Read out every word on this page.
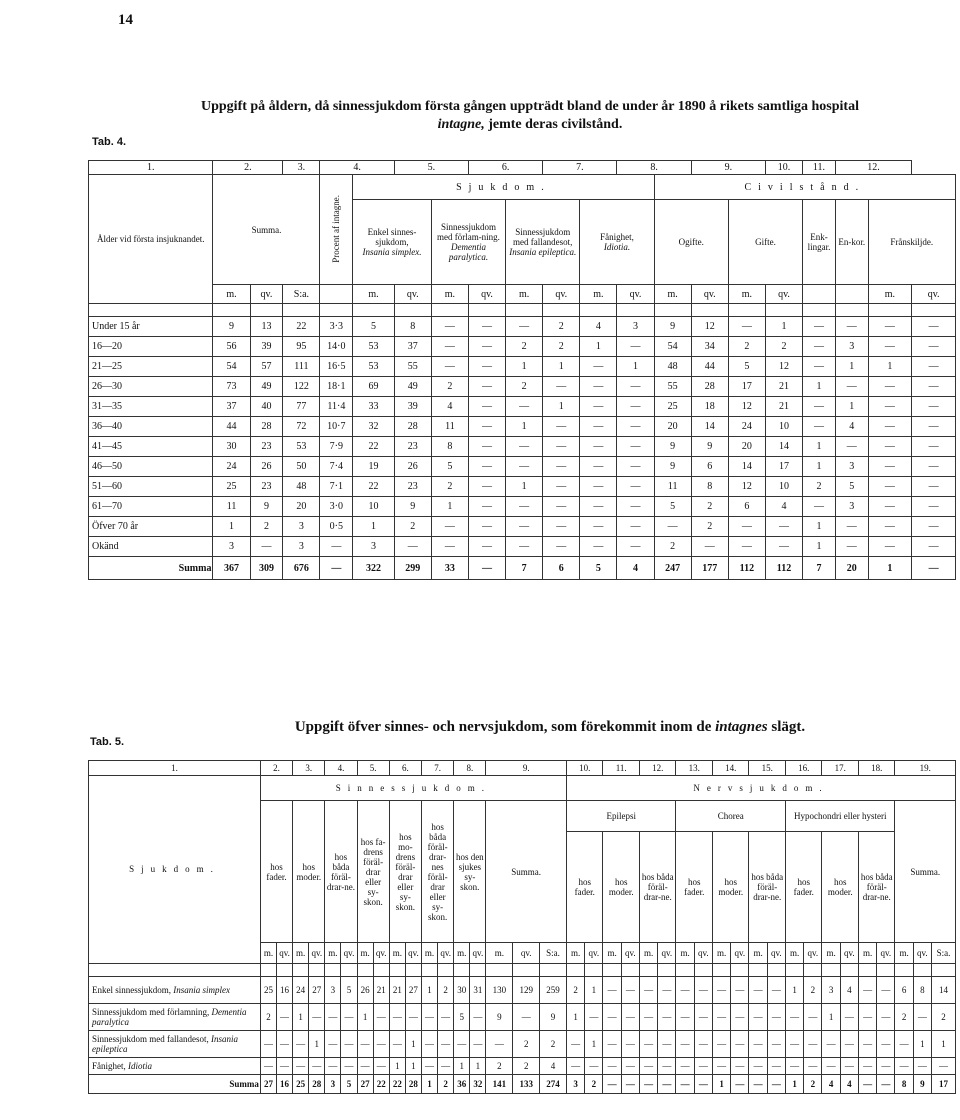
14
Uppgift på åldern, då sinnessjukdom första gången uppträdt bland de under år 1890 å rikets samtliga hospital
intagne, jemte deras civilstånd.
Tab. 4.
1.	2.		3.	4.		5.		6.		7.		8.		9.		10.	11.	12.		
Ålder vid första insjuknandet.	Summa.			Procent af intagne.	Sjukdom.								Civilstånd.							
					Enkel sinnes-sjukdom,
Insania simplex.		Sinnessjukdom med förlam-ning.
Dementia paralytica.		Sinnessjukdom med fallandesot,
Insania epileptica.		Fånighet,
Idiotia.		Ogifte.		Gifte.		Enk-lingar.	En-kor.	Frånskiljde.	
	m.	qv.	S:a.		m.	qv.	m.	qv.	m.	qv.	m.	qv.	m.	qv.	m.	qv.			m.	qv.

Under 15 år	9	13	22	3·3	5	8	—	—	—	2	4	3	9	12	—	1	—	—	—	—
16—20	56	39	95	14·0	53	37	—	—	2	2	1	—	54	34	2	2	—	3	—	—
21—25	54	57	111	16·5	53	55	—	—	1	1	—	1	48	44	5	12	—	1	1	—
26—30	73	49	122	18·1	69	49	2	—	2	—	—	—	55	28	17	21	1	—	—	—
31—35	37	40	77	11·4	33	39	4	—	—	1	—	—	25	18	12	21	—	1	—	—
36—40	44	28	72	10·7	32	28	11	—	1	—	—	—	20	14	24	10	—	4	—	—
41—45	30	23	53	7·9	22	23	8	—	—	—	—	—	9	9	20	14	1	—	—	—
46—50	24	26	50	7·4	19	26	5	—	—	—	—	—	9	6	14	17	1	3	—	—
51—60	25	23	48	7·1	22	23	2	—	1	—	—	—	11	8	12	10	2	5	—	—
61—70	11	9	20	3·0	10	9	1	—	—	—	—	—	5	2	6	4	—	3	—	—
Öfver 70 år	1	2	3	0·5	1	2	—	—	—	—	—	—	—	2	—	—	1	—	—	—
Okänd	3	—	3	—	3	—	—	—	—	—	—	—	2	—	—	—	1	—	—	—
Summa	367	309	676	—	322	299	33	—	7	6	5	4	247	177	112	112	7	20	1	—
Uppgift öfver sinnes- och nervsjukdom, som förekommit inom de intagnes slägt.
Tab. 5.
1.	2.		3.		4.		5.		6.		7.		8.		9.			10.		11.		12.		13.		14.		15.		16.		17.		18.		19.		
Sjukdom.	Sinnessjukdom.																	Nervsjukdom.																				
	hos fader.		hos moder.		hos båda föräl-drar-ne.		hos fa-drens föräl-drar eller sy-skon.		hos mo-drens föräl-drar eller sy-skon.		hos båda föräl-drar-nes föräl-drar eller sy-skon.		hos den sjukes sy-skon.		Summa.			Epilepsi						Chorea						Hypochondri eller hysteri						Summa.		
																		hos fader.		hos moder.		hos båda föräl-drar-ne.		hos fader.		hos moder.		hos båda föräl-drar-ne.		hos fader.		hos moder.		hos båda föräl-drar-ne.				
	m.	qv.	m.	qv.	m.	qv.	m.	qv.	m.	qv.	m.	qv.	m.	qv.	m.	qv.	S:a.	m.	qv.	m.	qv.	m.	qv.	m.	qv.	m.	qv.	m.	qv.	m.	qv.	m.	qv.	m.	qv.	m.	qv.	S:a.

Enkel sinnessjukdom, Insania simplex	25	16	24	27	3	5	26	21	21	27	1	2	30	31	130	129	259	2	1	—	—	—	—	—	—	—	—	—	—	1	2	3	4	—	—	6	8	14
Sinnessjukdom med förlamning, Dementia paralytica	2	—	1	—	—	—	1	—	—	—	—	—	5	—	9	—	9	1	—	—	—	—	—	—	—	—	—	—	—	—	—	1	—	—	—	2	—	2
Sinnessjukdom med fallandesot, Insania epileptica	—	—	—	1	—	—	—	—	—	1	—	—	—	—	—	2	2	—	1	—	—	—	—	—	—	—	—	—	—	—	—	—	—	—	—	—	1	1
Fånighet, Idiotia	—	—	—	—	—	—	—	—	1	1	—	—	1	1	2	2	4	—	—	—	—	—	—	—	—	—	—	—	—	—	—	—	—	—	—	—	—	—
Summa	27	16	25	28	3	5	27	22	22	28	1	2	36	32	141	133	274	3	2	—	—	—	—	—	—	1	—	—	—	1	2	4	4	—	—	8	9	17
